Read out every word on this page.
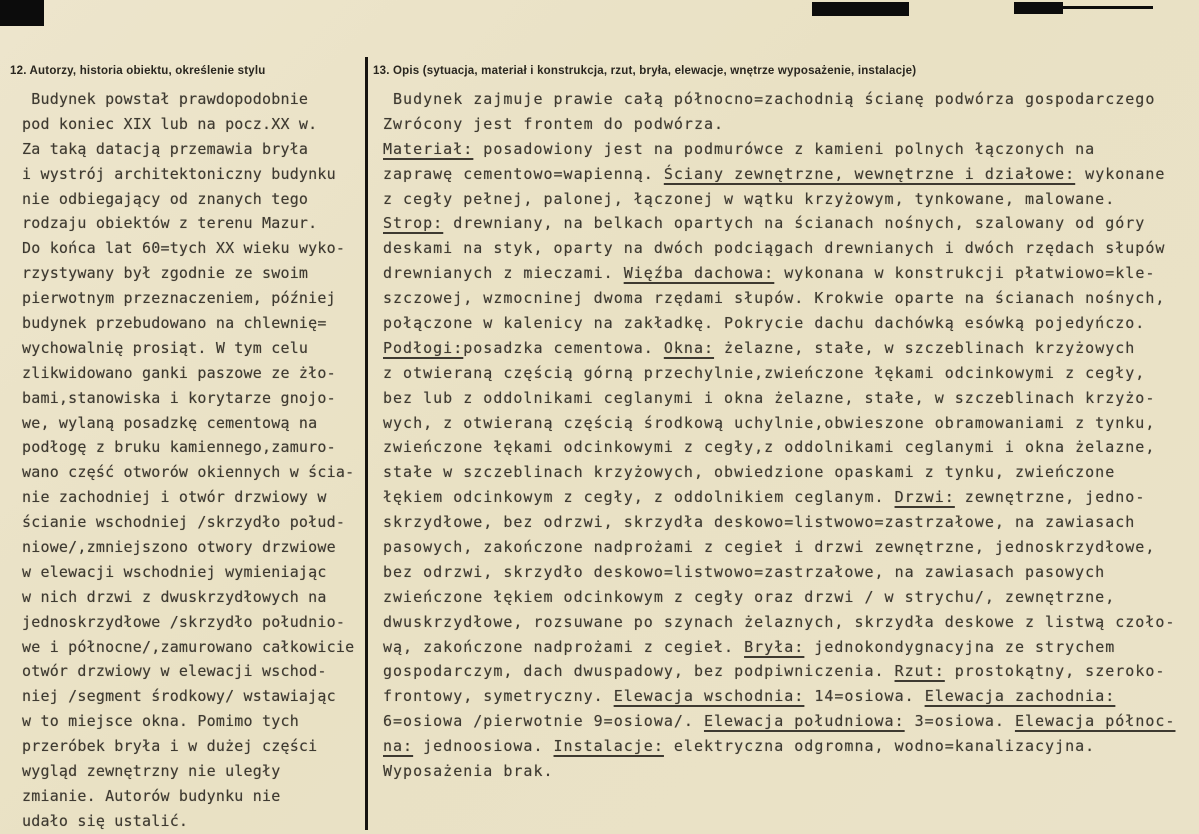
12. Autorzy, historia obiektu, określenie stylu	13. Opis (sytuacja, materiał i konstrukcja, rzut, bryła, elewacje, wnętrze wyposażenie, instalacje)
Budynek powstał prawdopodobnie
pod koniec XIX lub na pocz.XX w.
Za taką datacją przemawia bryła
i wystrój architektoniczny budynku
nie odbiegający od znanych tego
rodzaju obiektów z terenu Mazur.
Do końca lat 60=tych XX wieku wyko-
rzystywany był zgodnie ze swoim
pierwotnym przeznaczeniem, później
budynek przebudowano na chlewnię=
wychowalnię prosiąt. W tym celu
zlikwidowano ganki paszowe ze żło-
bami,stanowiska i korytarze gnojo-
we, wylaną posadzkę cementową na
podłogę z bruku kamiennego,zamuro-
wano część otworów okiennych w ścia-
nie zachodniej i otwór drzwiowy w
ścianie wschodniej /skrzydło połud-
niowe/,zmniejszono otwory drzwiowe
w elewacji wschodniej wymieniając
w nich drzwi z dwuskrzydłowych na
jednoskrzydłowe /skrzydło południo-
we i północne/,zamurowano całkowicie
otwór drzwiowy w elewacji wschod-
niej /segment środkowy/ wstawiając
w to miejsce okna. Pomimo tych
przeróbek bryła i w dużej części
wygląd zewnętrzny nie uległy
zmianie. Autorów budynku nie
udało się ustalić.
Budynek zajmuje prawie całą północno=zachodnią ścianę podwórza gospodarczego
Zwrócony jest frontem do podwórza.
Materiał: posadowiony jest na podmurówce z kamieni polnych łączonych na
zaprawę cementowo=wapienną. Ściany zewnętrzne, wewnętrzne i działowe: wykonane
z cegły pełnej, palonej, łączonej w wątku krzyżowym, tynkowane, malowane.
Strop: drewniany, na belkach opartych na ścianach nośnych, szalowany od góry
deskami na styk, oparty na dwóch podciągach drewnianych i dwóch rzędach słupów
drewnianych z mieczami. Więźba dachowa: wykonana w konstrukcji płatwiowo=kle-
szczowej, wzmocninej dwoma rzędami słupów. Krokwie oparte na ścianach nośnych,
połączone w kalenicy na zakładkę. Pokrycie dachu dachówką esówką pojedyńczo.
Podłogi:posadzka cementowa. Okna: żelazne, stałe, w szczeblinach krzyżowych
z otwieraną częścią górną przechylnie,zwieńczone łękami odcinkowymi z cegły,
bez lub z oddolnikami ceglanymi i okna żelazne, stałe, w szczeblinach krzyżo-
wych, z otwieraną częścią środkową uchylnie,obwieszone obramowaniami z tynku,
zwieńczone łękami odcinkowymi z cegły,z oddolnikami ceglanymi i okna żelazne,
stałe w szczeblinach krzyżowych, obwiedzione opaskami z tynku, zwieńczone
łękiem odcinkowym z cegły, z oddolnikiem ceglanym. Drzwi: zewnętrzne, jedno-
skrzydłowe, bez odrzwi, skrzydła deskowo=listwowo=zastrzałowe, na zawiasach
pasowych, zakończone nadprożami z cegieł i drzwi zewnętrzne, jednoskrzydłowe,
bez odrzwi, skrzydło deskowo=listwowo=zastrzałowe, na zawiasach pasowych
zwieńczone łękiem odcinkowym z cegły oraz drzwi / w strychu/, zewnętrzne,
dwuskrzydłowe, rozsuwane po szynach żelaznych, skrzydła deskowe z listwą czoło-
wą, zakończone nadprożami z cegieł. Bryła: jednokondygnacyjna ze strychem
gospodarczym, dach dwuspadowy, bez podpiwniczenia. Rzut: prostokątny, szeroko-
frontowy, symetryczny. Elewacja wschodnia: 14=osiowa. Elewacja zachodnia:
6=osiowa /pierwotnie 9=osiowa/. Elewacja południowa: 3=osiowa. Elewacja północ-
na: jednoosiowa. Instalacje: elektryczna odgromna, wodno=kanalizacyjna.
Wyposażenia brak.
